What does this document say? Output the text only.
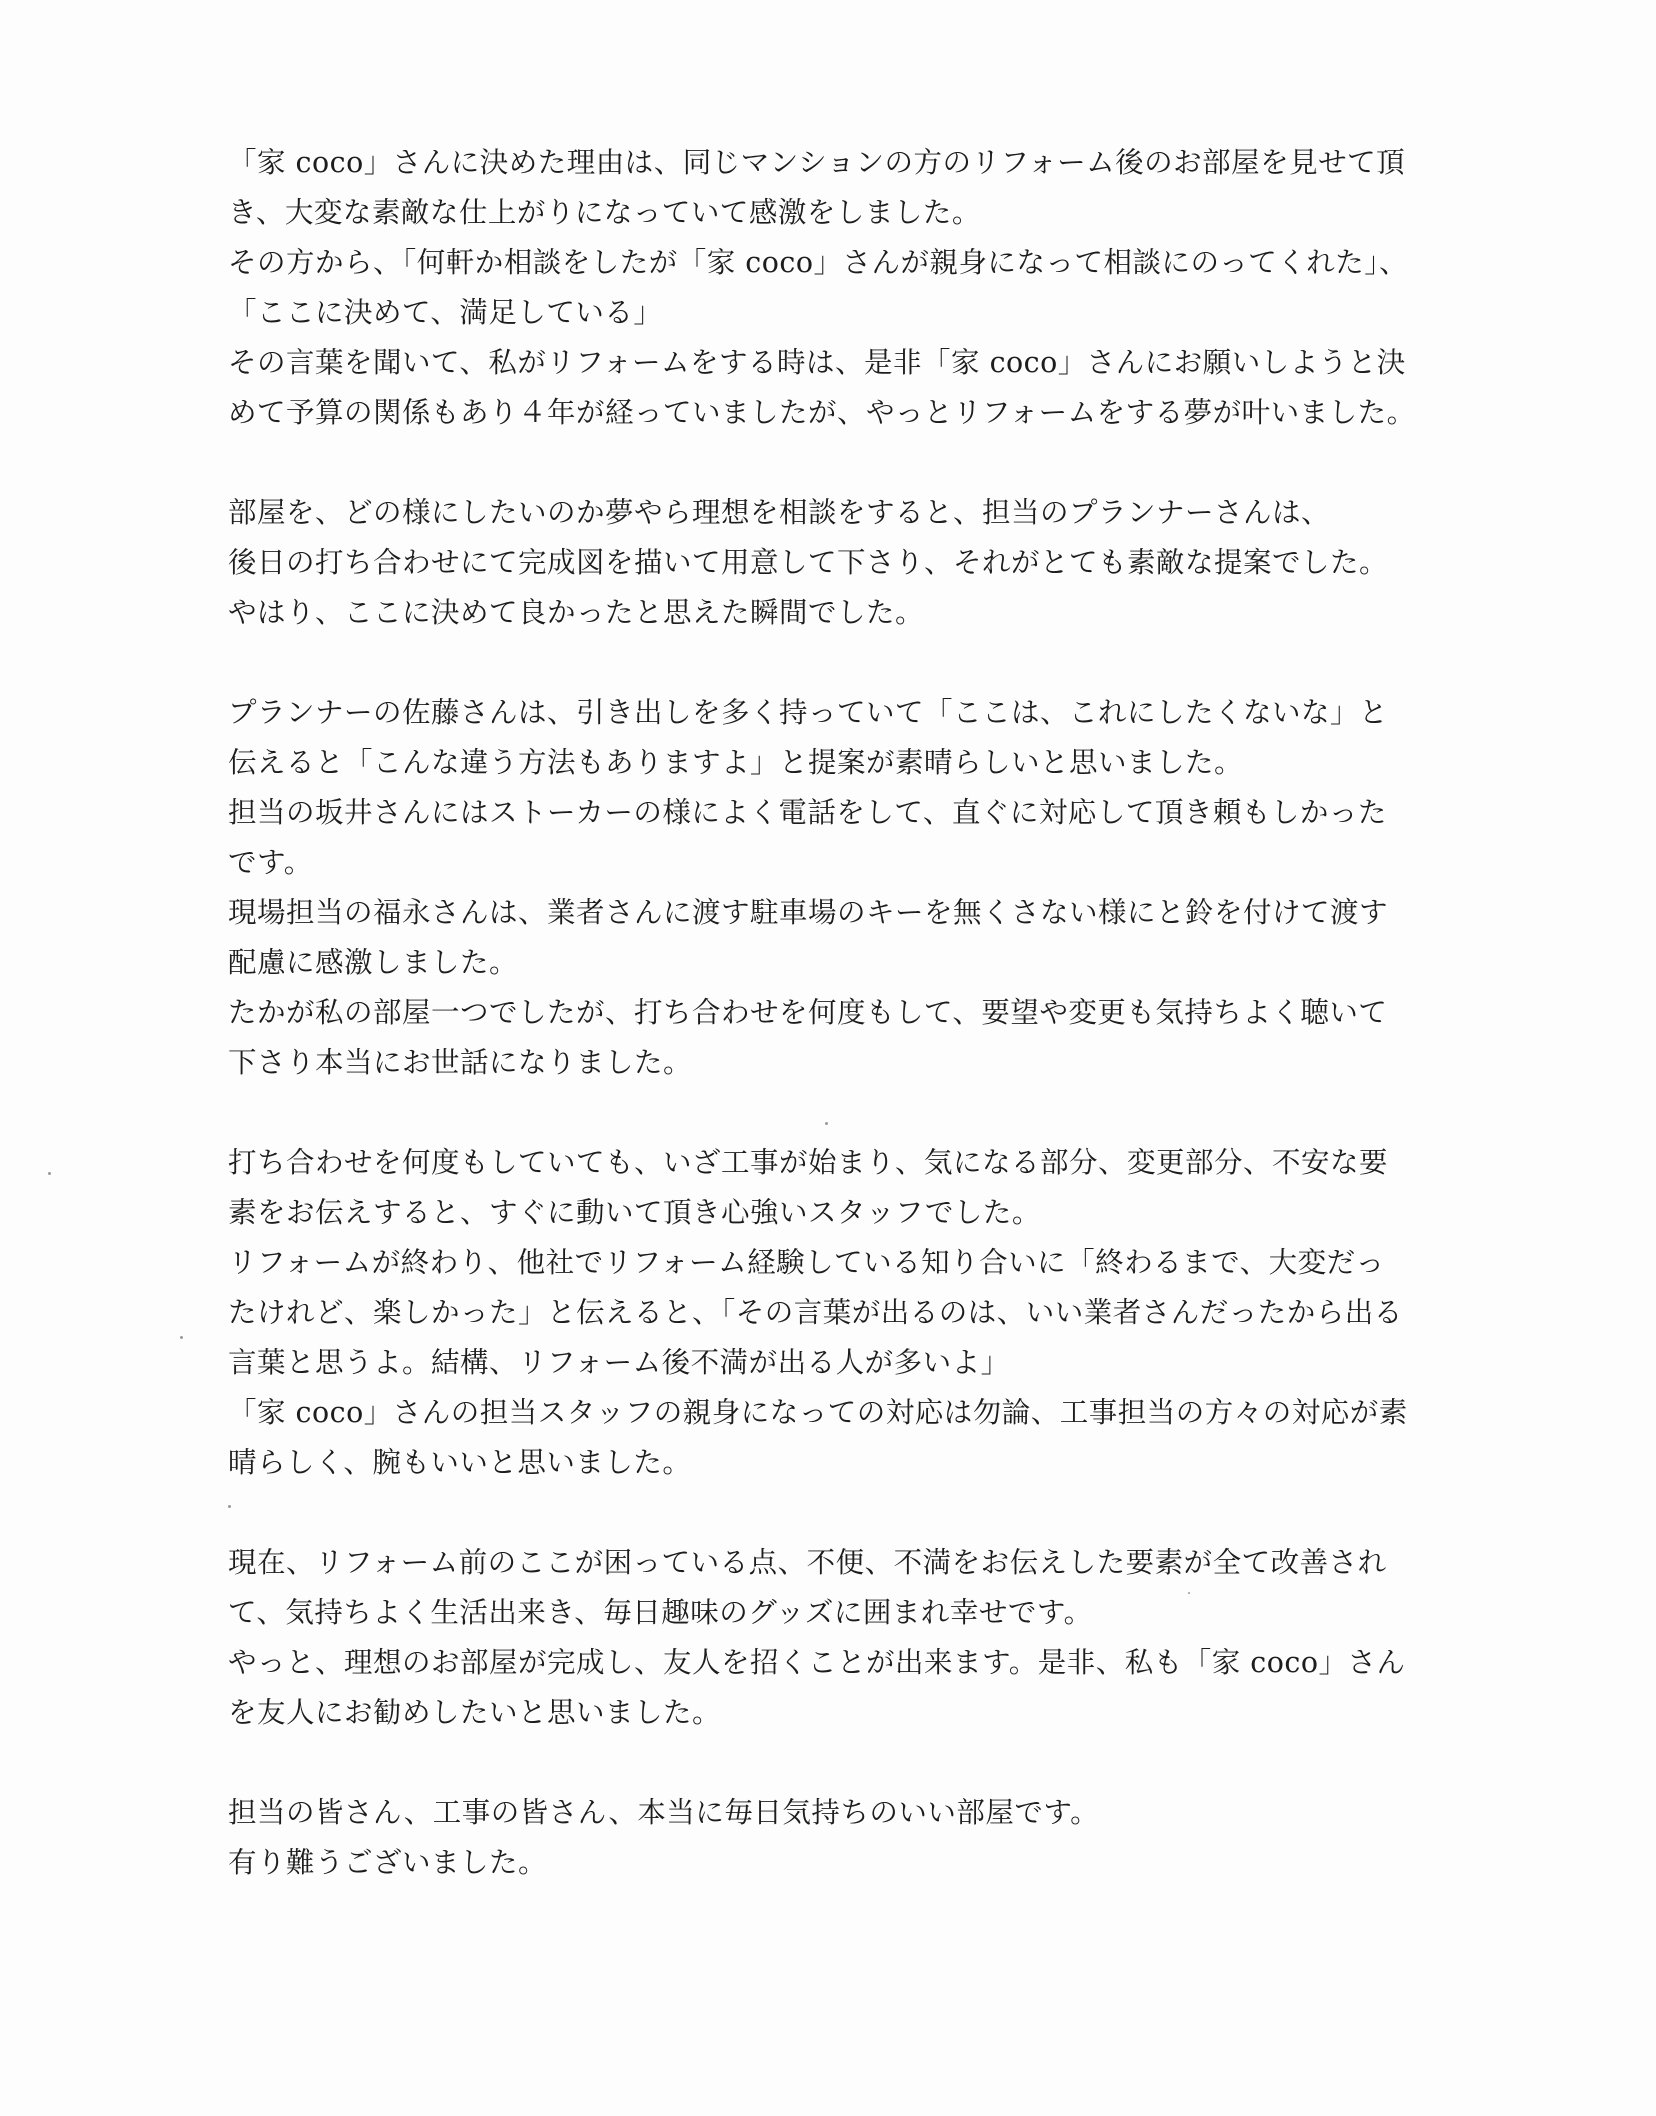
「家 coco」さんに決めた理由は、同じマンションの方のリフォーム後のお部屋を見せて頂
き、大変な素敵な仕上がりになっていて感激をしました。
その方から、「何軒か相談をしたが「家 coco」さんが親身になって相談にのってくれた」、
「ここに決めて、満足している」
その言葉を聞いて、私がリフォームをする時は、是非「家 coco」さんにお願いしようと決
めて予算の関係もあり４年が経っていましたが、やっとリフォームをする夢が叶いました。
部屋を、どの様にしたいのか夢やら理想を相談をすると、担当のプランナーさんは、
後日の打ち合わせにて完成図を描いて用意して下さり、それがとても素敵な提案でした。
やはり、ここに決めて良かったと思えた瞬間でした。
プランナーの佐藤さんは、引き出しを多く持っていて「ここは、これにしたくないな」と
伝えると「こんな違う方法もありますよ」と提案が素晴らしいと思いました。
担当の坂井さんにはストーカーの様によく電話をして、直ぐに対応して頂き頼もしかった
です。
現場担当の福永さんは、業者さんに渡す駐車場のキーを無くさない様にと鈴を付けて渡す
配慮に感激しました。
たかが私の部屋一つでしたが、打ち合わせを何度もして、要望や変更も気持ちよく聴いて
下さり本当にお世話になりました。
打ち合わせを何度もしていても、いざ工事が始まり、気になる部分、変更部分、不安な要
素をお伝えすると、すぐに動いて頂き心強いスタッフでした。
リフォームが終わり、他社でリフォーム経験している知り合いに「終わるまで、大変だっ
たけれど、楽しかった」と伝えると、「その言葉が出るのは、いい業者さんだったから出る
言葉と思うよ。結構、リフォーム後不満が出る人が多いよ」
「家 coco」さんの担当スタッフの親身になっての対応は勿論、工事担当の方々の対応が素
晴らしく、腕もいいと思いました。
現在、リフォーム前のここが困っている点、不便、不満をお伝えした要素が全て改善され
て、気持ちよく生活出来き、毎日趣味のグッズに囲まれ幸せです。
やっと、理想のお部屋が完成し、友人を招くことが出来ます。是非、私も「家 coco」さん
を友人にお勧めしたいと思いました。
担当の皆さん、工事の皆さん、本当に毎日気持ちのいい部屋です。
有り難うございました。
